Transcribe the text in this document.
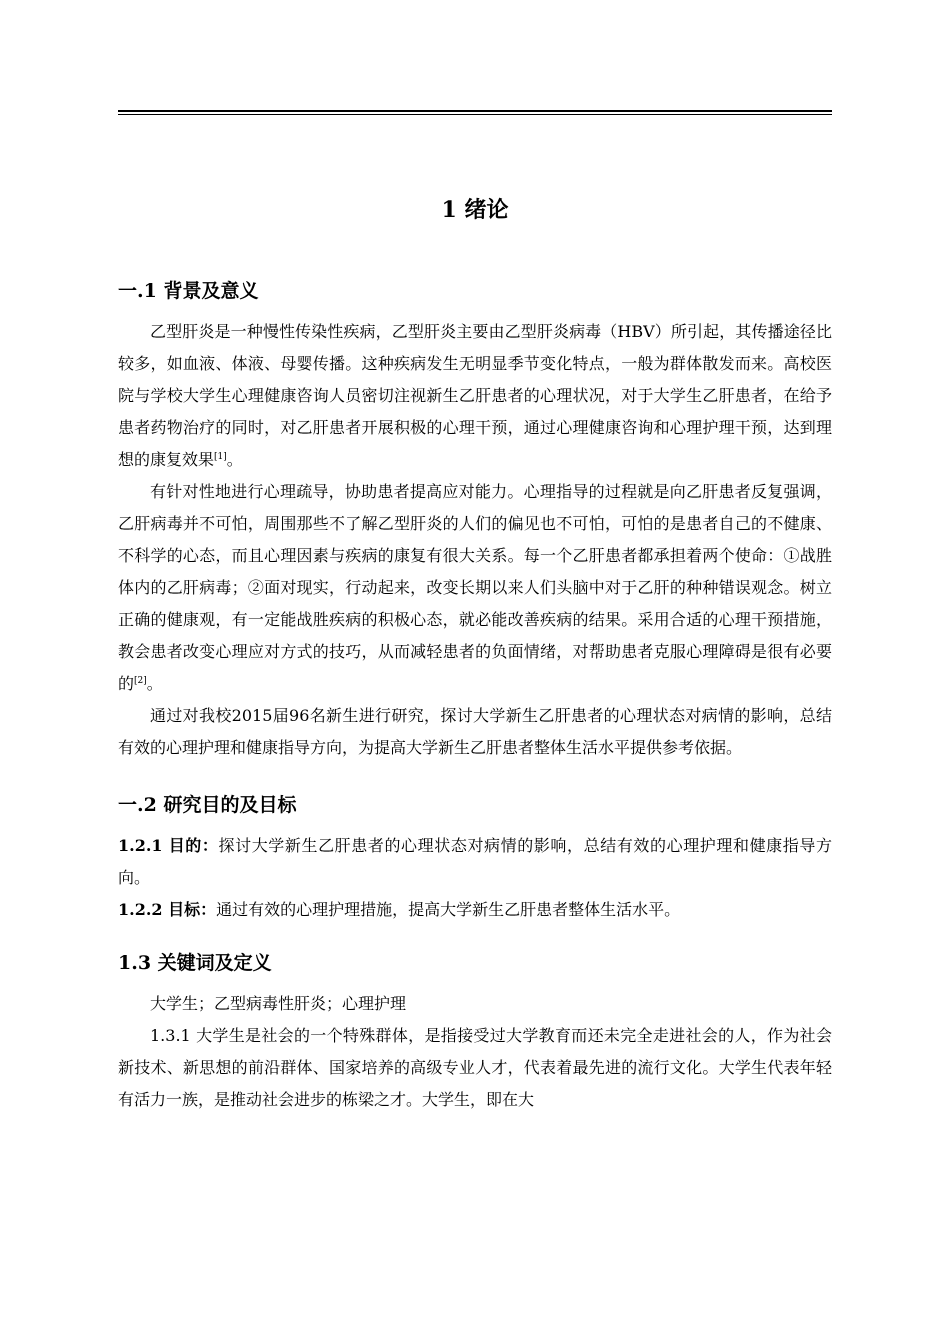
1 绪论
一.1 背景及意义

乙型肝炎是一种慢性传染性疾病，乙型肝炎主要由乙型肝炎病毒（HBV）所引起，其传播途径比较多，如血液、体液、母婴传播。这种疾病发生无明显季节变化特点，一般为群体散发而来。高校医院与学校大学生心理健康咨询人员密切注视新生乙肝患者的心理状况，对于大学生乙肝患者，在给予患者药物治疗的同时，对乙肝患者开展积极的心理干预，通过心理健康咨询和心理护理干预，达到理想的康复效果[1]。

有针对性地进行心理疏导，协助患者提高应对能力。心理指导的过程就是向乙肝患者反复强调，乙肝病毒并不可怕，周围那些不了解乙型肝炎的人们的偏见也不可怕，可怕的是患者自己的不健康、不科学的心态，而且心理因素与疾病的康复有很大关系。每一个乙肝患者都承担着两个使命：①战胜体内的乙肝病毒；②面对现实，行动起来，改变长期以来人们头脑中对于乙肝的种种错误观念。树立正确的健康观，有一定能战胜疾病的积极心态，就必能改善疾病的结果。采用合适的心理干预措施，教会患者改变心理应对方式的技巧，从而减轻患者的负面情绪，对帮助患者克服心理障碍是很有必要的[2]。

通过对我校2015届96名新生进行研究，探讨大学新生乙肝患者的心理状态对病情的影响，总结有效的心理护理和健康指导方向，为提高大学新生乙肝患者整体生活水平提供参考依据。

一.2 研究目的及目标

1.2.1 目的：探讨大学新生乙肝患者的心理状态对病情的影响，总结有效的心理护理和健康指导方向。

1.2.2 目标：通过有效的心理护理措施，提高大学新生乙肝患者整体生活水平。

1.3 关键词及定义

大学生；乙型病毒性肝炎；心理护理

1.3.1 大学生是社会的一个特殊群体，是指接受过大学教育而还未完全走进社会的人，作为社会新技术、新思想的前沿群体、国家培养的高级专业人才，代表着最先进的流行文化。大学生代表年轻有活力一族，是推动社会进步的栋梁之才。大学生，即在大
